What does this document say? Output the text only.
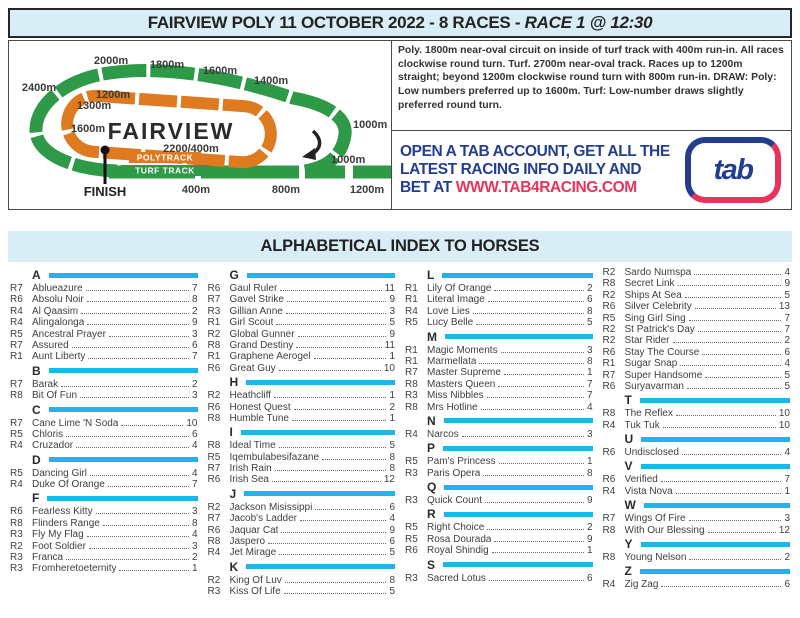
FAIRVIEW POLY 11 OCTOBER 2022 - 8 RACES - RACE 1 @ 12:30
FINISH
POLYTRACK
TURF TRACK
FAIRVIEW
2400m
2000m 1800m 1600m
1400m
1000m
1000m
400m	800m	1200m
1200m
1300m
1600m
2200/400m
Poly. 1800m near-oval circuit on inside of turf track with 400m run-in. All races clockwise round turn. Turf. 2700m near-oval track. Races up to 1200m straight; beyond 1200m clockwise round turn with 800m run-in. DRAW: Poly: Low numbers preferred up to 1600m. Turf: Low-number draws slightly preferred round turn.
OPEN A TAB ACCOUNT, GET ALL THE
LATEST RACING INFO DAILY AND
BET AT WWW.TAB4RACING.COM
tab
ALPHABETICAL INDEX TO HORSES
A
R7 Ablueazure	7
R6 Absolu Noir	8
R4 Al Qaasim	2
R4 Alingalonga	9
R5 Ancestral Prayer	3
R7 Assured	6
R1 Aunt Liberty	7
B
R7 Barak	2
R8 Bit Of Fun	3
C
R7 Cane Lime 'N Soda	10
R5 Chloris	6
R4 Cruzador	4
D
R5 Dancing Girl	4
R4 Duke Of Orange	7
F
R6 Fearless Kitty	3
R8 Flinders Range	8
R3 Fly My Flag	4
R2 Foot Soldier	3
R3 Franca	2
R3 Fromheretoeternity	1
G
R6 Gaul Ruler	11
R7 Gavel Strike	9
R3 Gillian Anne	3
R1 Girl Scout	5
R2 Global Gunner	9
R8 Grand Destiny	11
R1 Graphene Aerogel	1
R6 Great Guy	10
H
R2 Heathcliff	1
R6 Honest Quest	2
R8 Humble Tune	1
I
R8 Ideal Time	5
R5 Iqembulabesifazane	8
R7 Irish Rain	8
R6 Irish Sea	12
J
R2 Jackson Misissippi	6
R7 Jacob's Ladder	4
R6 Jaquar Cat	9
R8 Jaspero	6
R4 Jet Mirage	5
K
R2 King Of Luv	8
R3 Kiss Of Life	5
L
R1 Lily Of Orange	2
R1 Literal Image	6
R4 Love Lies	8
R5 Lucy Belle	5
M
R1 Magic Moments	3
R1 Marmellata	8
R7 Master Supreme	1
R8 Masters Queen	7
R3 Miss Nibbles	7
R8 Mrs Hotline	4
N
R4 Narcos	3
P
R5 Pam's Princess	1
R3 Paris Opera	8
Q
R3 Quick Count	9
R
R5 Right Choice	2
R5 Rosa Dourada	9
R6 Royal Shindig	1
S
R3 Sacred Lotus	6
R2 Sardo Numspa	4
R8 Secret Link	9
R2 Ships At Sea	5
R6 Silver Celebrity	13
R5 Sing Girl Sing	7
R2 St Patrick's Day	7
R2 Star Rider	2
R6 Stay The Course	6
R1 Sugar Snap	4
R7 Super Handsome	5
R6 Suryavarman	5
T
R8 The Reflex	10
R4 Tuk Tuk	10
U
R6 Undisclosed	4
V
R6 Verified	7
R4 Vista Nova	1
W
R7 Wings Of Fire	3
R8 With Our Blessing	12
Y
R8 Young Nelson	2
Z
R4 Zig Zag	6
